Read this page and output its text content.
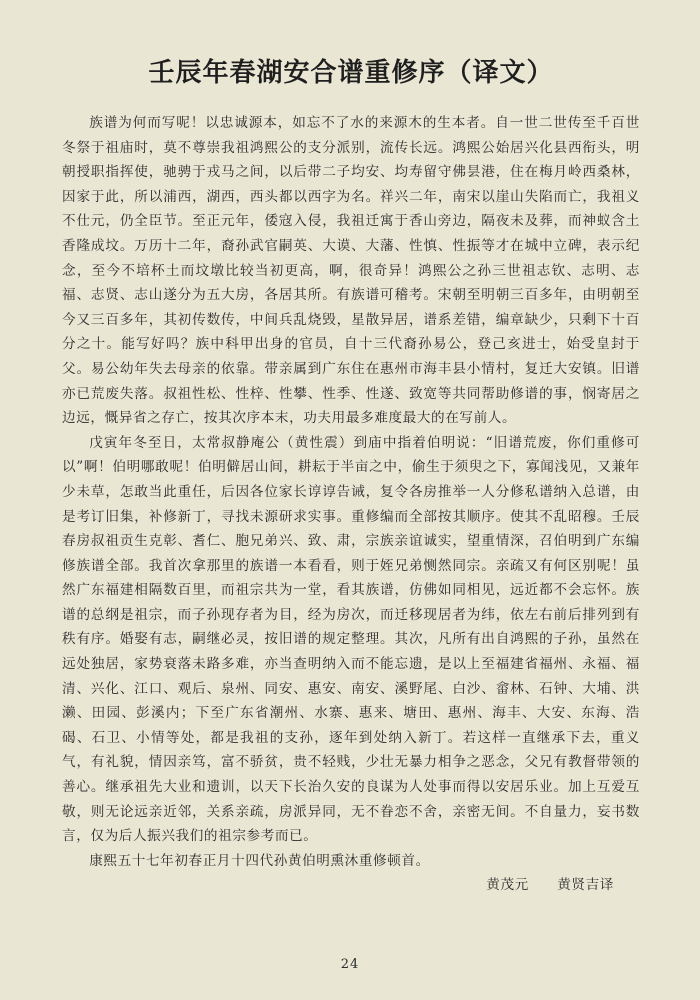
壬辰年春湖安合谱重修序（译文）

族谱为何而写呢！以忠诚源本，如忘不了水的来源木的生本者。自一世二世传至千百世冬祭于祖庙时，莫不尊崇我祖鸿熙公的支分派别，流传长远。鸿熙公始居兴化县西衔头，明朝授职指挥使，驰骋于戎马之间，以后带二子均安、均寿留守佛昙港，住在梅月岭西桑林，因家于此，所以浦西，湖西，西头都以西字为名。祥兴二年，南宋以崖山失陷而亡，我祖义不仕元，仍全臣节。至正元年，倭寇入侵，我祖迁寓于香山旁边，隔夜未及葬，而神蚁含土香隆成坟。万历十二年，裔孙武官嗣英、大谟、大藩、性慎、性振等才在城中立碑，表示纪念，至今不培杯土而坟墩比较当初更高，啊，很奇异！鸿熙公之孙三世祖志钦、志明、志福、志贤、志山遂分为五大房，各居其所。有族谱可稽考。宋朝至明朝三百多年，由明朝至今又三百多年，其初传数传，中间兵乱烧毁，星散异居，谱系差错，编章缺少，只剩下十百分之十。能写好吗？族中科甲出身的官员，自十三代裔孙易公，登己亥进士，始受皇封于父。易公幼年失去母亲的依靠。带亲属到广东住在惠州市海丰县小情村，复迁大安镇。旧谱亦已荒废失落。叔祖性松、性梓、性攀、性季、性遂、致宽等共同帮助修谱的事，悯寄居之边远，慨异省之存亡，按其次序本末，功夫用最多难度最大的在写前人。

戊寅年冬至日，太常叔静庵公（黄性震）到庙中指着伯明说：“旧谱荒废，你们重修可以”啊！伯明哪敢呢！伯明僻居山间，耕耘于半亩之中，偷生于须臾之下，寡闻浅见，又兼年少未草，怎敢当此重任，后因各位家长谆谆告诫，复令各房推举一人分修私谱纳入总谱，由是考订旧集，补修新丁，寻找未源研求实事。重修编而全部按其顺序。使其不乱昭穆。壬辰春房叔祖贡生克彰、耆仁、胞兄弟兴、致、肃，宗族亲谊诚实，望重情深，召伯明到广东编修族谱全部。我首次拿那里的族谱一本看看，则于姪兄弟恻然同宗。亲疏又有何区别呢！虽然广东福建相隔数百里，而祖宗共为一堂，看其族谱，仿佛如同相见，远近都不会忘怀。族谱的总纲是祖宗，而子孙现存者为目，经为房次，而迁移现居者为纬，依左右前后排列到有秩有序。婚娶有志，嗣继必灵，按旧谱的规定整理。其次，凡所有出自鸿熙的子孙，虽然在远处独居，家势衰落未路多难，亦当查明纳入而不能忘遗，是以上至福建省福州、永福、福清、兴化、江口、观后、泉州、同安、惠安、南安、溪野尾、白沙、畲林、石钟、大埔、洪濑、田园、彭溪内；下至广东省潮州、水寨、惠来、塘田、惠州、海丰、大安、东海、浩碣、石卫、小情等处，都是我祖的支孙，逐年到处纳入新丁。若这样一直继承下去，重义气，有礼貌，情因亲笃，富不骄贫，贵不轻贱，少壮无暴力相争之恶念，父兄有教督带领的善心。继承祖先大业和遗训，以天下长治久安的良谋为人处事而得以安居乐业。加上互爱互敬，则无论远亲近邻，关系亲疏，房派异同，无不眷恋不舍，亲密无间。不自量力，妄书数言，仅为后人振兴我们的祖宗参考而已。

康熙五十七年初春正月十四代孙黄伯明熏沐重修顿首。

黄茂元　　黄贤吉译
24
